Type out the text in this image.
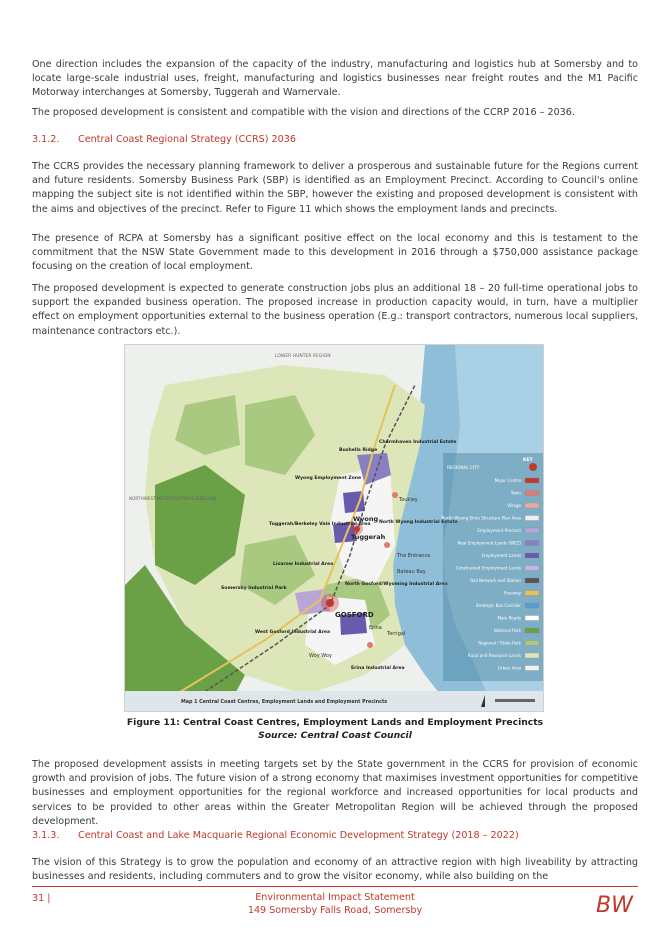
One direction includes the expansion of the capacity of the industry, manufacturing and logistics hub at Somersby and to locate large-scale industrial uses, freight, manufacturing and logistics businesses near freight routes and the M1 Pacific Motorway interchanges at Somersby, Tuggerah and Warnervale.

The proposed development is consistent and compatible with the vision and directions of the CCRP 2016 – 2036.

3.1.2. Central Coast Regional Strategy (CCRS) 2036

The CCRS provides the necessary planning framework to deliver a prosperous and sustainable future for the Regions current and future residents. Somersby Business Park (SBP) is identified as an Employment Precinct. According to Council's online mapping the subject site is not identified within the SBP, however the existing and proposed development is consistent with the aims and objectives of the precinct. Refer to Figure 11 which shows the employment lands and precincts.

The presence of RCPA at Somersby has a significant positive effect on the local economy and this is testament to the commitment that the NSW State Government made to this development in 2016 through a $750,000 assistance package focusing on the creation of local employment.

The proposed development is expected to generate construction jobs plus an additional 18 – 20 full-time operational jobs to support the expanded business operation. The proposed increase in production capacity would, in turn, have a multiplier effect on employment opportunities external to the business operation (E.g.: transport contractors, numerous local suppliers, maintenance contractors etc.).

LOWER HUNTER REGION
NORTHWEST METROPOLITAN SUBREGION
Bushells Ridge
Charmhaven Industrial Estate
Wyong Employment Zone
Wyong
Tuggerah
North Wyong Industrial Estate
Tuggerah/Berkeley Vale Industrial Area
Lisarow Industrial Area
Somersby Industrial Park
GOSFORD
West Gosford Industrial Area
Erina Industrial Area
North Gosford/Wyoming Industrial Area
The Entrance
Toukley
Woy Woy
Erina
Bateau Bay
Terrigal
KEY
REGIONAL CITY
Major Centre
Town
Village
North Wyong Shire Structure Plan Area
Employment Precinct
New Employment Lands (WEZ)
Employment Lands
Constrained Employment Lands
Rail Network and Station
Freeway
Strategic Bus Corridor
Main Roads
National Park
Regional / State Park
Rural and Resource Lands
Urban Area
Map 1 Central Coast Centres, Employment Lands and Employment Precincts

Figure 11: Central Coast Centres, Employment Lands and Employment Precincts

Source: Central Coast Council

The proposed development assists in meeting targets set by the State government in the CCRS for provision of economic growth and provision of jobs. The future vision of a strong economy that maximises investment opportunities for competitive businesses and employment opportunities for the regional workforce and increased opportunities for local products and services to be provided to other areas within the Greater Metropolitan Region will be achieved through the proposed development.

3.1.3. Central Coast and Lake Macquarie Regional Economic Development Strategy (2018 – 2022)

The vision of this Strategy is to grow the population and economy of an attractive region with high liveability by attracting businesses and residents, including commuters and to grow the visitor economy, while also building on the

31 |	Environmental Impact Statement
149 Somersby Falls Road, Somersby	BW
